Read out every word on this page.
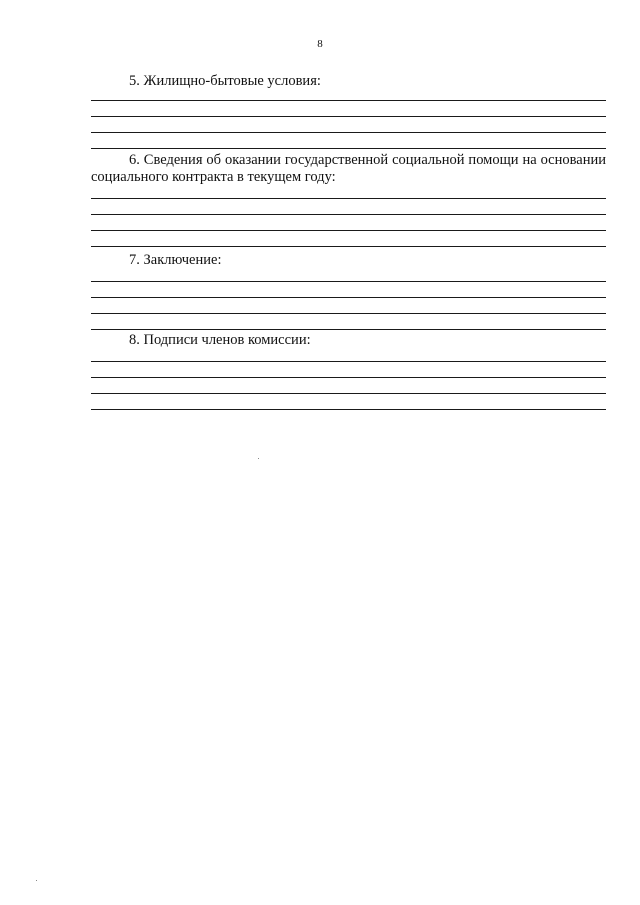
8

5. Жилищно-бытовые условия:

6. Сведения об оказании государственной социальной помощи на основании социального контракта в текущем году:

7. Заключение:

8. Подписи членов комиссии:
